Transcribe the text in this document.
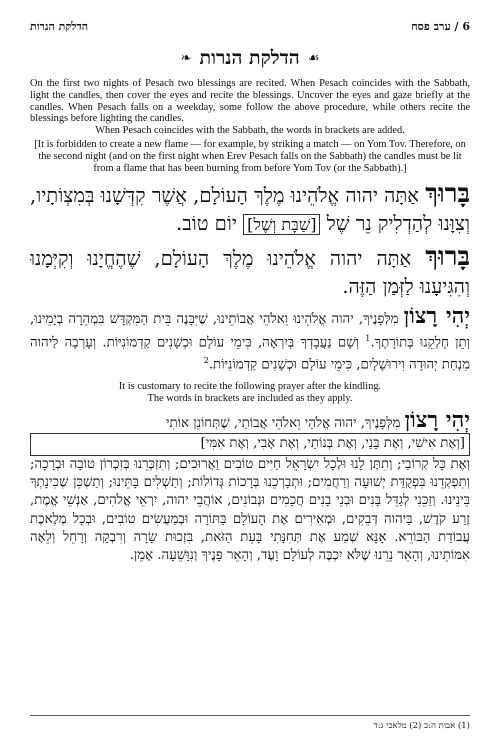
6 / ערב פסח
הדלקת הנרות
❧ הדלקת הנרות ☙

On the first two nights of Pesach two blessings are recited. When Pesach coincides with the Sabbath, light the candles, then cover the eyes and recite the blessings. Uncover the eyes and gaze briefly at the candles. When Pesach falls on a weekday, some follow the above procedure, while others recite the blessings before lighting the candles.

When Pesach coincides with the Sabbath, the words in brackets are added.

[It is forbidden to create a new flame — for example, by striking a match — on Yom Tov. Therefore, on the second night (and on the first night when Erev Pesach falls on the Sabbath) the candles must be lit from a flame that has been burning from before Yom Tov (or the Sabbath).]

בָּרוּךְ אַתָּה יהוה אֱלֹהֵינוּ מֶלֶךְ הָעוֹלָם, אֲשֶׁר קִדְּשָׁנוּ בְּמִצְוֹתָיו, וְצִוָּנוּ לְהַדְלִיק נֵר שֶׁל [שַׁבָּת וְשֶׁל] יוֹם טוֹב.
בָּרוּךְ אַתָּה יהוה אֱלֹהֵינוּ מֶלֶךְ הָעוֹלָם, שֶׁהֶחֱיָנוּ וְקִיְּמָנוּ וְהִגִּיעָנוּ לַזְּמַן הַזֶּה.
יְהִי רָצוֹן מִלְּפָנֶיךָ, יהוה אֱלֹהֵינוּ וֵאלֹהֵי אֲבוֹתֵינוּ, שֶׁיִּבָּנֶה בֵּית הַמִּקְדָּשׁ בִּמְהֵרָה בְיָמֵינוּ, וְתֵן חֶלְקֵנוּ בְּתוֹרָתֶךָ.$^1$ וְשָׁם נַעֲבָדְךָ בְּיִרְאָה, כִּימֵי עוֹלָם וּכְשָׁנִים קַדְמוֹנִיּוֹת. וְעָרְבָה לַיהוה מִנְחַת יְהוּדָה וִירוּשָׁלָיִם, כִּימֵי עוֹלָם וּכְשָׁנִים קַדְמוֹנִיּוֹת.$^2$
It is customary to recite the following prayer after the kindling.
The words in brackets are included as they apply.
יְהִי רָצוֹן מִלְּפָנֶיךָ, יהוה אֱלֹהַי וֵאלֹהֵי אֲבוֹתַי, שֶׁתְּחוֹנֵן אוֹתִי
[וְאֶת אִישִׁי, וְאֶת בָּנַי, וְאֶת בְּנוֹתַי, וְאֶת אָבִי, וְאֶת אִמִּי]
וְאֶת כָּל קְרוֹבַי; וְתִתֶּן לָנוּ וּלְכָל יִשְׂרָאֵל חַיִּים טוֹבִים וַאֲרוּכִים; וְתִזְכְּרֵנוּ בְּזִכְרוֹן טוֹבָה וּבְרָכָה; וְתִפְקְדֵנוּ בִּפְקֻדַּת יְשׁוּעָה וְרַחֲמִים; וּתְבָרְכֵנוּ בְּרָכוֹת גְּדוֹלוֹת; וְתַשְׁלִים בָּתֵּינוּ; וְתַשְׁכֵּן שְׁכִינָתְךָ בֵּינֵינוּ. וְזַכֵּנִי לְגַדֵּל בָּנִים וּבְנֵי בָנִים חֲכָמִים וּנְבוֹנִים, אוֹהֲבֵי יהוה, יִרְאֵי אֱלֹהִים, אַנְשֵׁי אֱמֶת, זֶרַע קֹדֶשׁ, בַּיהוה דְּבֵקִים, וּמְאִירִים אֶת הָעוֹלָם בַּתּוֹרָה וּבְמַעֲשִׂים טוֹבִים, וּבְכָל מְלֶאכֶת עֲבוֹדַת הַבּוֹרֵא. אָנָּא שְׁמַע אֶת תְּחִנָּתִי בָּעֵת הַזֹּאת, בִּזְכוּת שָׂרָה וְרִבְקָה וְרָחֵל וְלֵאָה אִמּוֹתֵינוּ, וְהָאֵר נֵרֵנוּ שֶׁלֹּא יִכְבֶּה לְעוֹלָם וָעֶד, וְהָאֵר פָּנֶיךָ וְנִוָּשֵׁעָה. אָמֵן.
(1) אבות ה:כ (2) מלאכי ג:ד
